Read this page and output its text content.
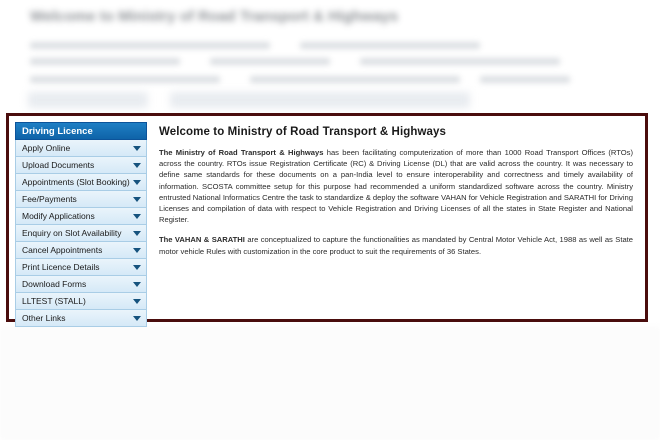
Welcome to Ministry of Road Transport & Highways
Driving Licence
Apply Online
Upload Documents
Appointments (Slot Booking)
Fee/Payments
Modify Applications
Enquiry on Slot Availability
Cancel Appointments
Print Licence Details
Download Forms
LLTEST (STALL)
Other Links
Welcome to Ministry of Road Transport & Highways

The Ministry of Road Transport & Highways has been facilitating computerization of more than 1000 Road Transport Offices (RTOs) across the country. RTOs issue Registration Certificate (RC) & Driving License (DL) that are valid across the country. It was necessary to define same standards for these documents on a pan-India level to ensure interoperability and correctness and timely availability of information. SCOSTA committee setup for this purpose had recommended a uniform standardized software across the country. Ministry entrusted National Informatics Centre the task to standardize & deploy the software VAHAN for Vehicle Registration and SARATHI for Driving Licenses and compilation of data with respect to Vehicle Registration and Driving Licenses of all the states in State Register and National Register.

The VAHAN & SARATHI are conceptualized to capture the functionalities as mandated by Central Motor Vehicle Act, 1988 as well as State motor vehicle Rules with customization in the core product to suit the requirements of 36 States.
